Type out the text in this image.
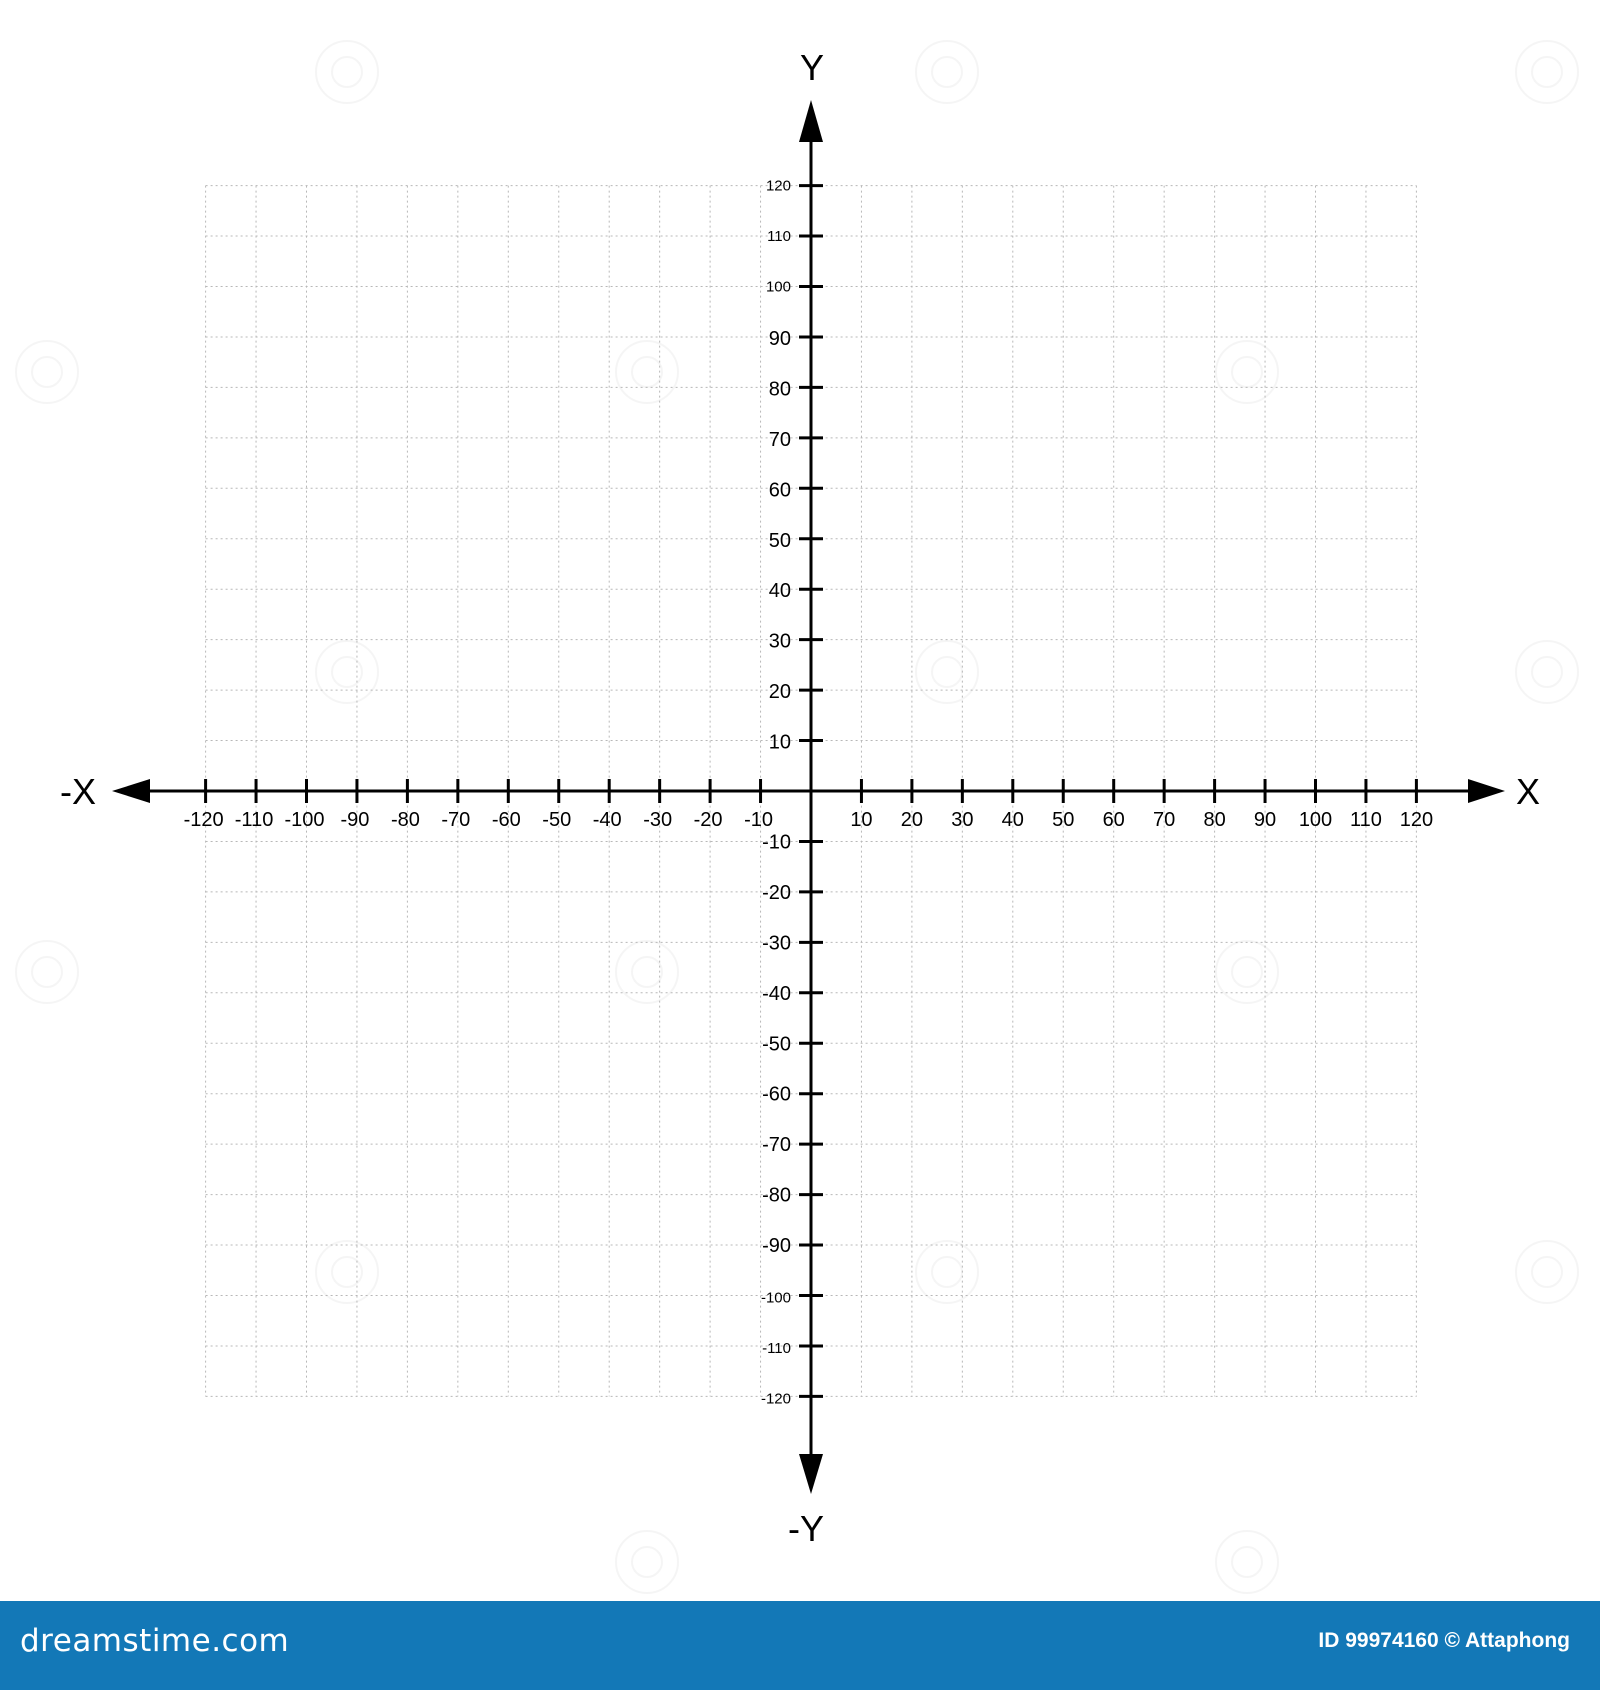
-120 -110 -100 -90 -80 -70 -60 -50 -40 -30 -20 -10	10 20 30 40 50 60 70 80 90 100 110 120
120
110
100
90
80
70
60
50
40
30
20
10
-10
-20
-30
-40
-50
-60
-70
-80
-90
-100
-110
-120
X
-X
Y
-Y
dreamstime.com	ID 99974160 © Attaphong
